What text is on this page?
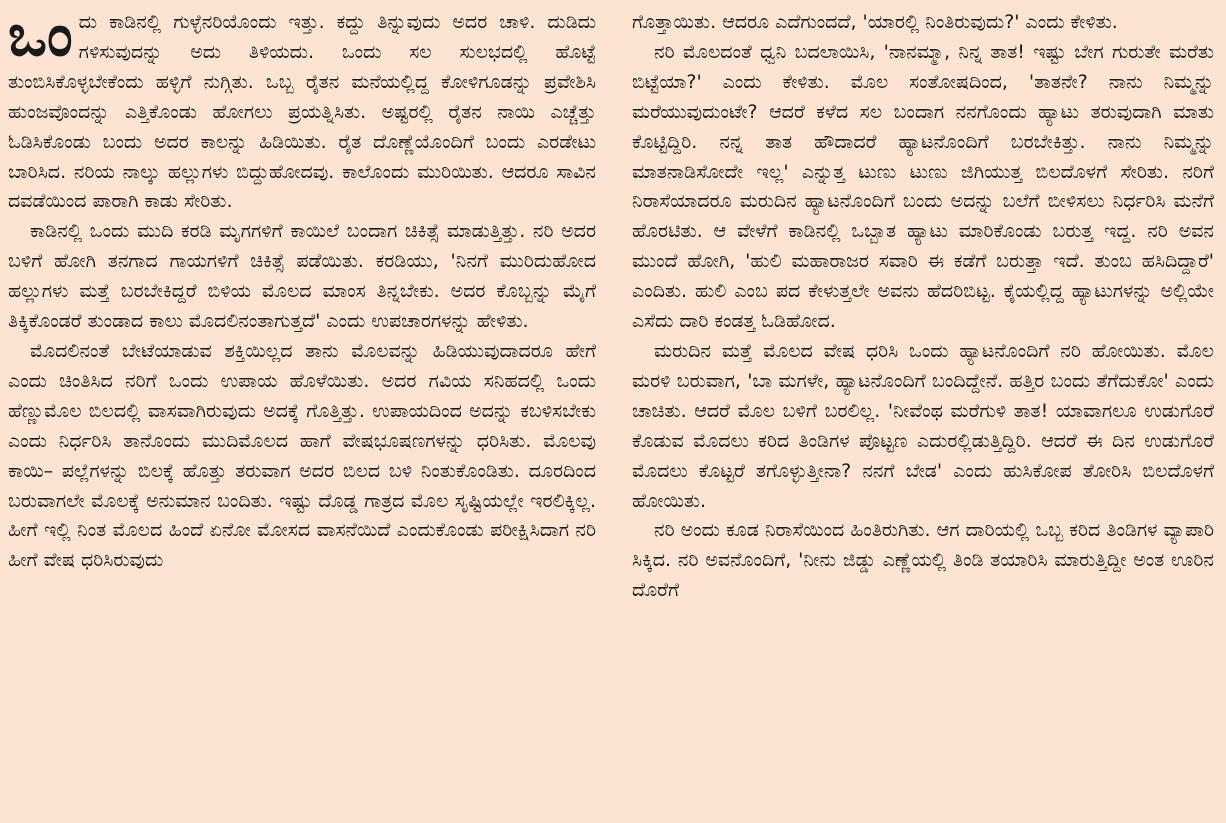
ಒಂದು ಕಾಡಿನಲ್ಲಿ ಗುಳ್ಳೆನರಿಯೊಂದು ಇತ್ತು. ಕದ್ದು ತಿನ್ನುವುದು ಅದರ ಚಾಳಿ. ದುಡಿದು ಗಳಿಸುವುದನ್ನು ಅದು ತಿಳಿಯದು. ಒಂದು ಸಲ ಸುಲಭದಲ್ಲಿ ಹೊಟ್ಟೆ ತುಂಬಿಸಿಕೊಳ್ಳಬೇಕೆಂದು ಹಳ್ಳಿಗೆ ನುಗ್ಗಿತು. ಒಬ್ಬ ರೈತನ ಮನೆಯಲ್ಲಿದ್ದ ಕೋಳಿಗೂಡನ್ನು ಪ್ರವೇಶಿಸಿ ಹುಂಜವೊಂದನ್ನು ಎತ್ತಿಕೊಂಡು ಹೋಗಲು ಪ್ರಯತ್ನಿಸಿತು. ಅಷ್ಟರಲ್ಲಿ ರೈತನ ನಾಯಿ ಎಚ್ಚೆತ್ತು ಓಡಿಸಿಕೊಂಡು ಬಂದು ಅದರ ಕಾಲನ್ನು ಹಿಡಿಯಿತು. ರೈತ ದೊಣ್ಣೆಯೊಂದಿಗೆ ಬಂದು ಎರಡೇಟು ಬಾರಿಸಿದ. ನರಿಯ ನಾಲ್ಕು ಹಲ್ಲುಗಳು ಬಿದ್ದುಹೋದವು. ಕಾಲೊಂದು ಮುರಿಯಿತು. ಆದರೂ ಸಾವಿನ ದವಡೆಯಿಂದ ಪಾರಾಗಿ ಕಾಡು ಸೇರಿತು.

ಕಾಡಿನಲ್ಲಿ ಒಂದು ಮುದಿ ಕರಡಿ ಮೃಗಗಳಿಗೆ ಕಾಯಿಲೆ ಬಂದಾಗ ಚಿಕಿತ್ಸೆ ಮಾಡುತ್ತಿತ್ತು. ನರಿ ಅದರ ಬಳಿಗೆ ಹೋಗಿ ತನಗಾದ ಗಾಯಗಳಿಗೆ ಚಿಕಿತ್ಸೆ ಪಡೆಯಿತು. ಕರಡಿಯು, 'ನಿನಗೆ ಮುರಿದುಹೋದ ಹಲ್ಲುಗಳು ಮತ್ತೆ ಬರಬೇಕಿದ್ದರೆ ಬಿಳಿಯ ಮೊಲದ ಮಾಂಸ ತಿನ್ನಬೇಕು. ಅದರ ಕೊಬ್ಬನ್ನು ಮೈಗೆ ತಿಕ್ಕಿಕೊಂಡರೆ ತುಂಡಾದ ಕಾಲು ಮೊದಲಿನಂತಾಗುತ್ತದೆ' ಎಂದು ಉಪಚಾರಗಳನ್ನು ಹೇಳಿತು.

ಮೊದಲಿನಂತೆ ಬೇಟೆಯಾಡುವ ಶಕ್ತಿಯಿಲ್ಲದ ತಾನು ಮೊಲವನ್ನು ಹಿಡಿಯುವುದಾದರೂ ಹೇಗೆ ಎಂದು ಚಿಂತಿಸಿದ ನರಿಗೆ ಒಂದು ಉಪಾಯ ಹೊಳೆಯಿತು. ಅದರ ಗವಿಯ ಸನಿಹದಲ್ಲಿ ಒಂದು ಹೆಣ್ಣುಮೊಲ ಬಿಲದಲ್ಲಿ ವಾಸವಾಗಿರುವುದು ಅದಕ್ಕೆ ಗೊತ್ತಿತ್ತು. ಉಪಾಯದಿಂದ ಅದನ್ನು ಕಬಳಿಸಬೇಕು ಎಂದು ನಿರ್ಧರಿಸಿ ತಾನೊಂದು ಮುದಿಮೊಲದ ಹಾಗೆ ವೇಷಭೂಷಣಗಳನ್ನು ಧರಿಸಿತು. ಮೊಲವು ಕಾಯಿ– ಪಲ್ಲೆಗಳನ್ನು ಬಿಲಕ್ಕೆ ಹೊತ್ತು ತರುವಾಗ ಅದರ ಬಿಲದ ಬಳಿ ನಿಂತುಕೊಂಡಿತು. ದೂರದಿಂದ ಬರುವಾಗಲೇ ಮೊಲಕ್ಕೆ ಅನುಮಾನ ಬಂದಿತು. ಇಷ್ಟು ದೊಡ್ಡ ಗಾತ್ರದ ಮೊಲ ಸೃಷ್ಟಿಯಲ್ಲೇ ಇರಲಿಕ್ಕಿಲ್ಲ. ಹೀಗೆ ಇಲ್ಲಿ ನಿಂತ ಮೊಲದ ಹಿಂದೆ ಏನೋ ಮೋಸದ ವಾಸನೆಯಿದೆ ಎಂದುಕೊಂಡು ಪರೀಕ್ಷಿಸಿದಾಗ ನರಿ ಹೀಗೆ ವೇಷ ಧರಿಸಿರುವುದು

ಗೊತ್ತಾಯಿತು. ಆದರೂ ಎದೆಗುಂದದೆ, 'ಯಾರಲ್ಲಿ ನಿಂತಿರುವುದು?' ಎಂದು ಕೇಳಿತು.

ನರಿ ಮೊಲದಂತೆ ಧ್ವನಿ ಬದಲಾಯಿಸಿ, 'ನಾನಮ್ಮಾ, ನಿನ್ನ ತಾತ! ಇಷ್ಟು ಬೇಗ ಗುರುತೇ ಮರೆತು ಬಿಟ್ಟೆಯಾ?' ಎಂದು ಕೇಳಿತು. ಮೊಲ ಸಂತೋಷದಿಂದ, 'ತಾತನೇ? ನಾನು ನಿಮ್ಮನ್ನು ಮರೆಯುವುದುಂಟೇ? ಆದರೆ ಕಳೆದ ಸಲ ಬಂದಾಗ ನನಗೊಂದು ಹ್ಯಾಟು ತರುವುದಾಗಿ ಮಾತು ಕೊಟ್ಟಿದ್ದಿರಿ. ನನ್ನ ತಾತ ಹೌದಾದರೆ ಹ್ಯಾಟನೊಂದಿಗೆ ಬರಬೇಕಿತ್ತು. ನಾನು ನಿಮ್ಮನ್ನು ಮಾತನಾಡಿಸೋದೇ ಇಲ್ಲ' ಎನ್ನುತ್ತ ಟುಣು ಟುಣು ಜಿಗಿಯುತ್ತ ಬಿಲದೊಳಗೆ ಸೇರಿತು. ನರಿಗೆ ನಿರಾಸೆಯಾದರೂ ಮರುದಿನ ಹ್ಯಾಟನೊಂದಿಗೆ ಬಂದು ಅದನ್ನು ಬಲೆಗೆ ಬೀಳಿಸಲು ನಿರ್ಧರಿಸಿ ಮನೆಗೆ ಹೊರಟಿತು. ಆ ವೇಳೆಗೆ ಕಾಡಿನಲ್ಲಿ ಒಬ್ಬಾತ ಹ್ಯಾಟು ಮಾರಿಕೊಂಡು ಬರುತ್ತ ಇದ್ದ. ನರಿ ಅವನ ಮುಂದೆ ಹೋಗಿ, 'ಹುಲಿ ಮಹಾರಾಜರ ಸವಾರಿ ಈ ಕಡೆಗೆ ಬರುತ್ತಾ ಇದೆ. ತುಂಬ ಹಸಿದಿದ್ದಾರೆ' ಎಂದಿತು. ಹುಲಿ ಎಂಬ ಪದ ಕೇಳುತ್ತಲೇ ಅವನು ಹೆದರಿಬಿಟ್ಟ. ಕೈಯಲ್ಲಿದ್ದ ಹ್ಯಾಟುಗಳನ್ನು ಅಲ್ಲಿಯೇ ಎಸೆದು ದಾರಿ ಕಂಡತ್ತ ಓಡಿಹೋದ.

ಮರುದಿನ ಮತ್ತೆ ಮೊಲದ ವೇಷ ಧರಿಸಿ ಒಂದು ಹ್ಯಾಟನೊಂದಿಗೆ ನರಿ ಹೋಯಿತು. ಮೊಲ ಮರಳಿ ಬರುವಾಗ, 'ಬಾ ಮಗಳೇ, ಹ್ಯಾಟನೊಂದಿಗೆ ಬಂದಿದ್ದೇನೆ. ಹತ್ತಿರ ಬಂದು ತೆಗೆದುಕೋ' ಎಂದು ಚಾಚಿತು. ಆದರೆ ಮೊಲ ಬಳಿಗೆ ಬರಲಿಲ್ಲ. 'ನೀವೆಂಥ ಮರೆಗುಳಿ ತಾತ! ಯಾವಾಗಲೂ ಉಡುಗೊರೆ ಕೊಡುವ ಮೊದಲು ಕರಿದ ತಿಂಡಿಗಳ ಪೊಟ್ಟಣ ಎದುರಲ್ಲಿಡುತ್ತಿದ್ದಿರಿ. ಆದರೆ ಈ ದಿನ ಉಡುಗೊರೆ ಮೊದಲು ಕೊಟ್ಟರೆ ತಗೊಳ್ಳುತ್ತೀನಾ? ನನಗೆ ಬೇಡ' ಎಂದು ಹುಸಿಕೋಪ ತೋರಿಸಿ ಬಿಲದೊಳಗೆ ಹೋಯಿತು.

ನರಿ ಅಂದು ಕೂಡ ನಿರಾಸೆಯಿಂದ ಹಿಂತಿರುಗಿತು. ಆಗ ದಾರಿಯಲ್ಲಿ ಒಬ್ಬ ಕರಿದ ತಿಂಡಿಗಳ ವ್ಯಾಪಾರಿ ಸಿಕ್ಕಿದ. ನರಿ ಅವನೊಂದಿಗೆ, 'ನೀನು ಜಿಡ್ಡು ಎಣ್ಣೆಯಲ್ಲಿ ತಿಂಡಿ ತಯಾರಿಸಿ ಮಾರುತ್ತಿದ್ದೀ ಅಂತ ಊರಿನ ದೊರೆಗೆ
